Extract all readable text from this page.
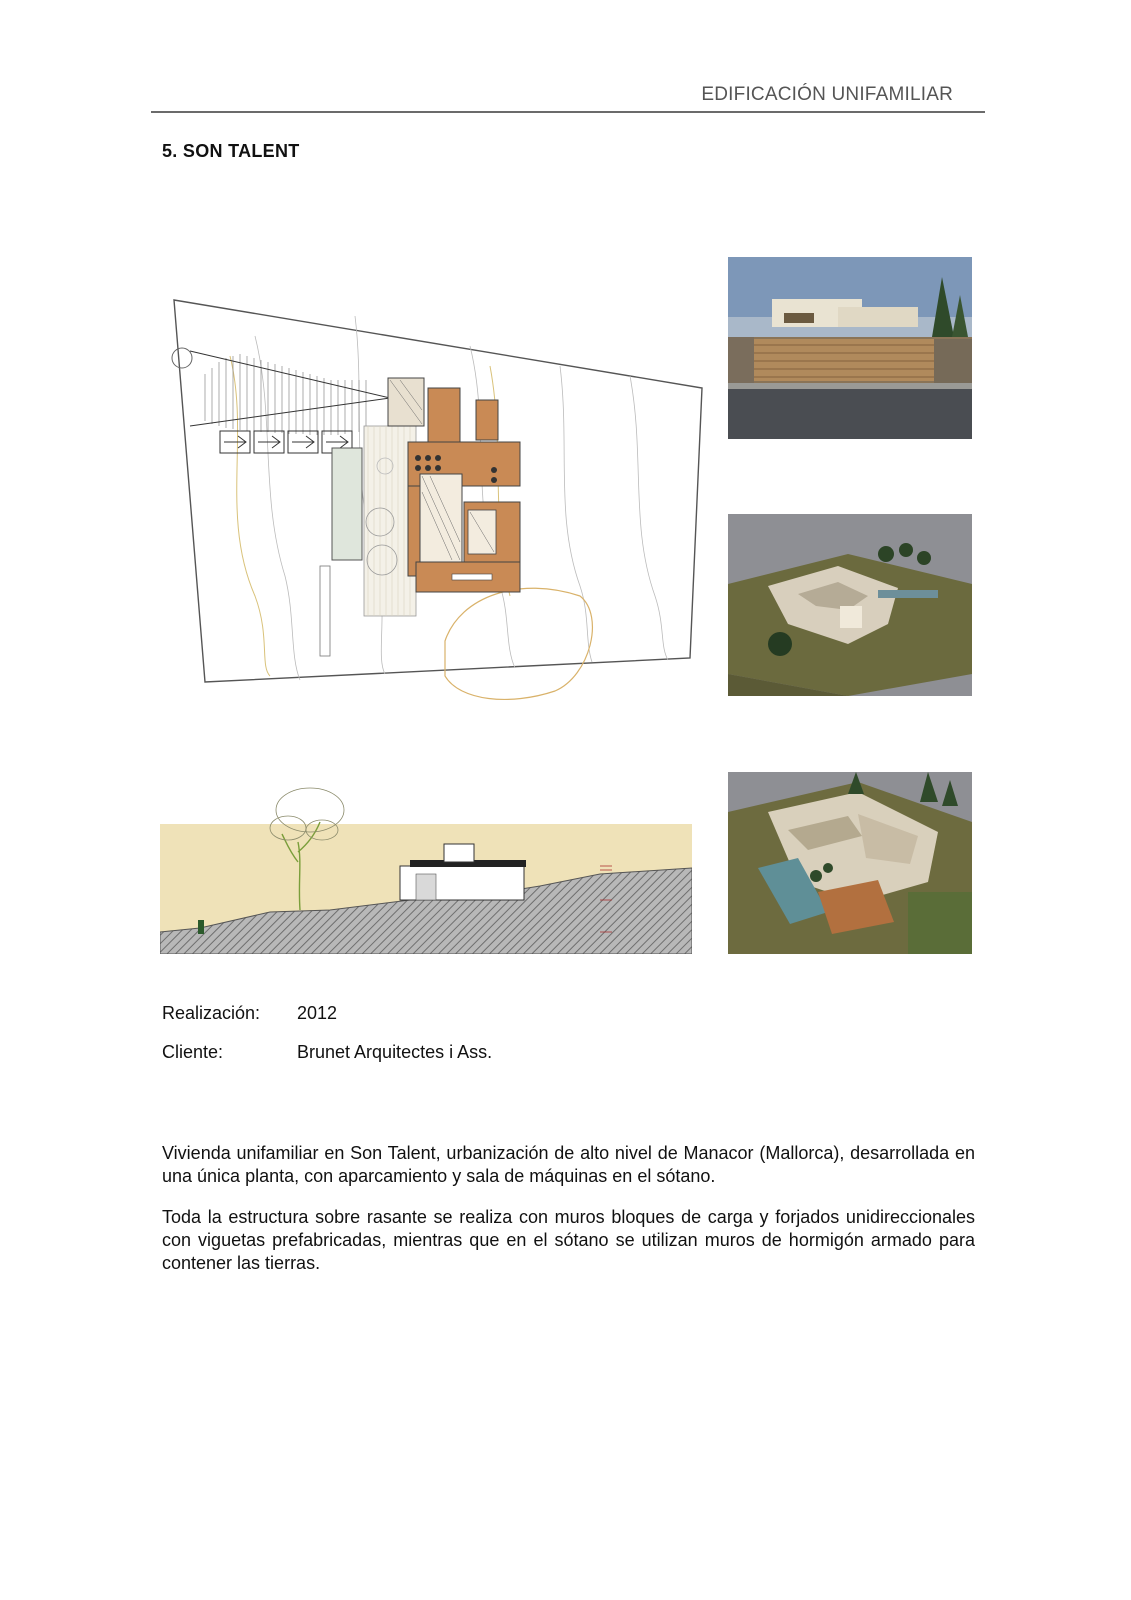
EDIFICACIÓN UNIFAMILIAR
5. SON TALENT
Realización: 2012
Cliente:	Brunet Arquitectes i Ass.

Vivienda unifamiliar en Son Talent, urbanización de alto nivel de Manacor (Mallorca), desarrollada en una única planta, con aparcamiento y sala de máquinas en el sótano.

Toda la estructura sobre rasante se realiza con muros bloques de carga y forjados unidireccionales con viguetas prefabricadas, mientras que en el sótano se utilizan muros de hormigón armado para contener las tierras.
